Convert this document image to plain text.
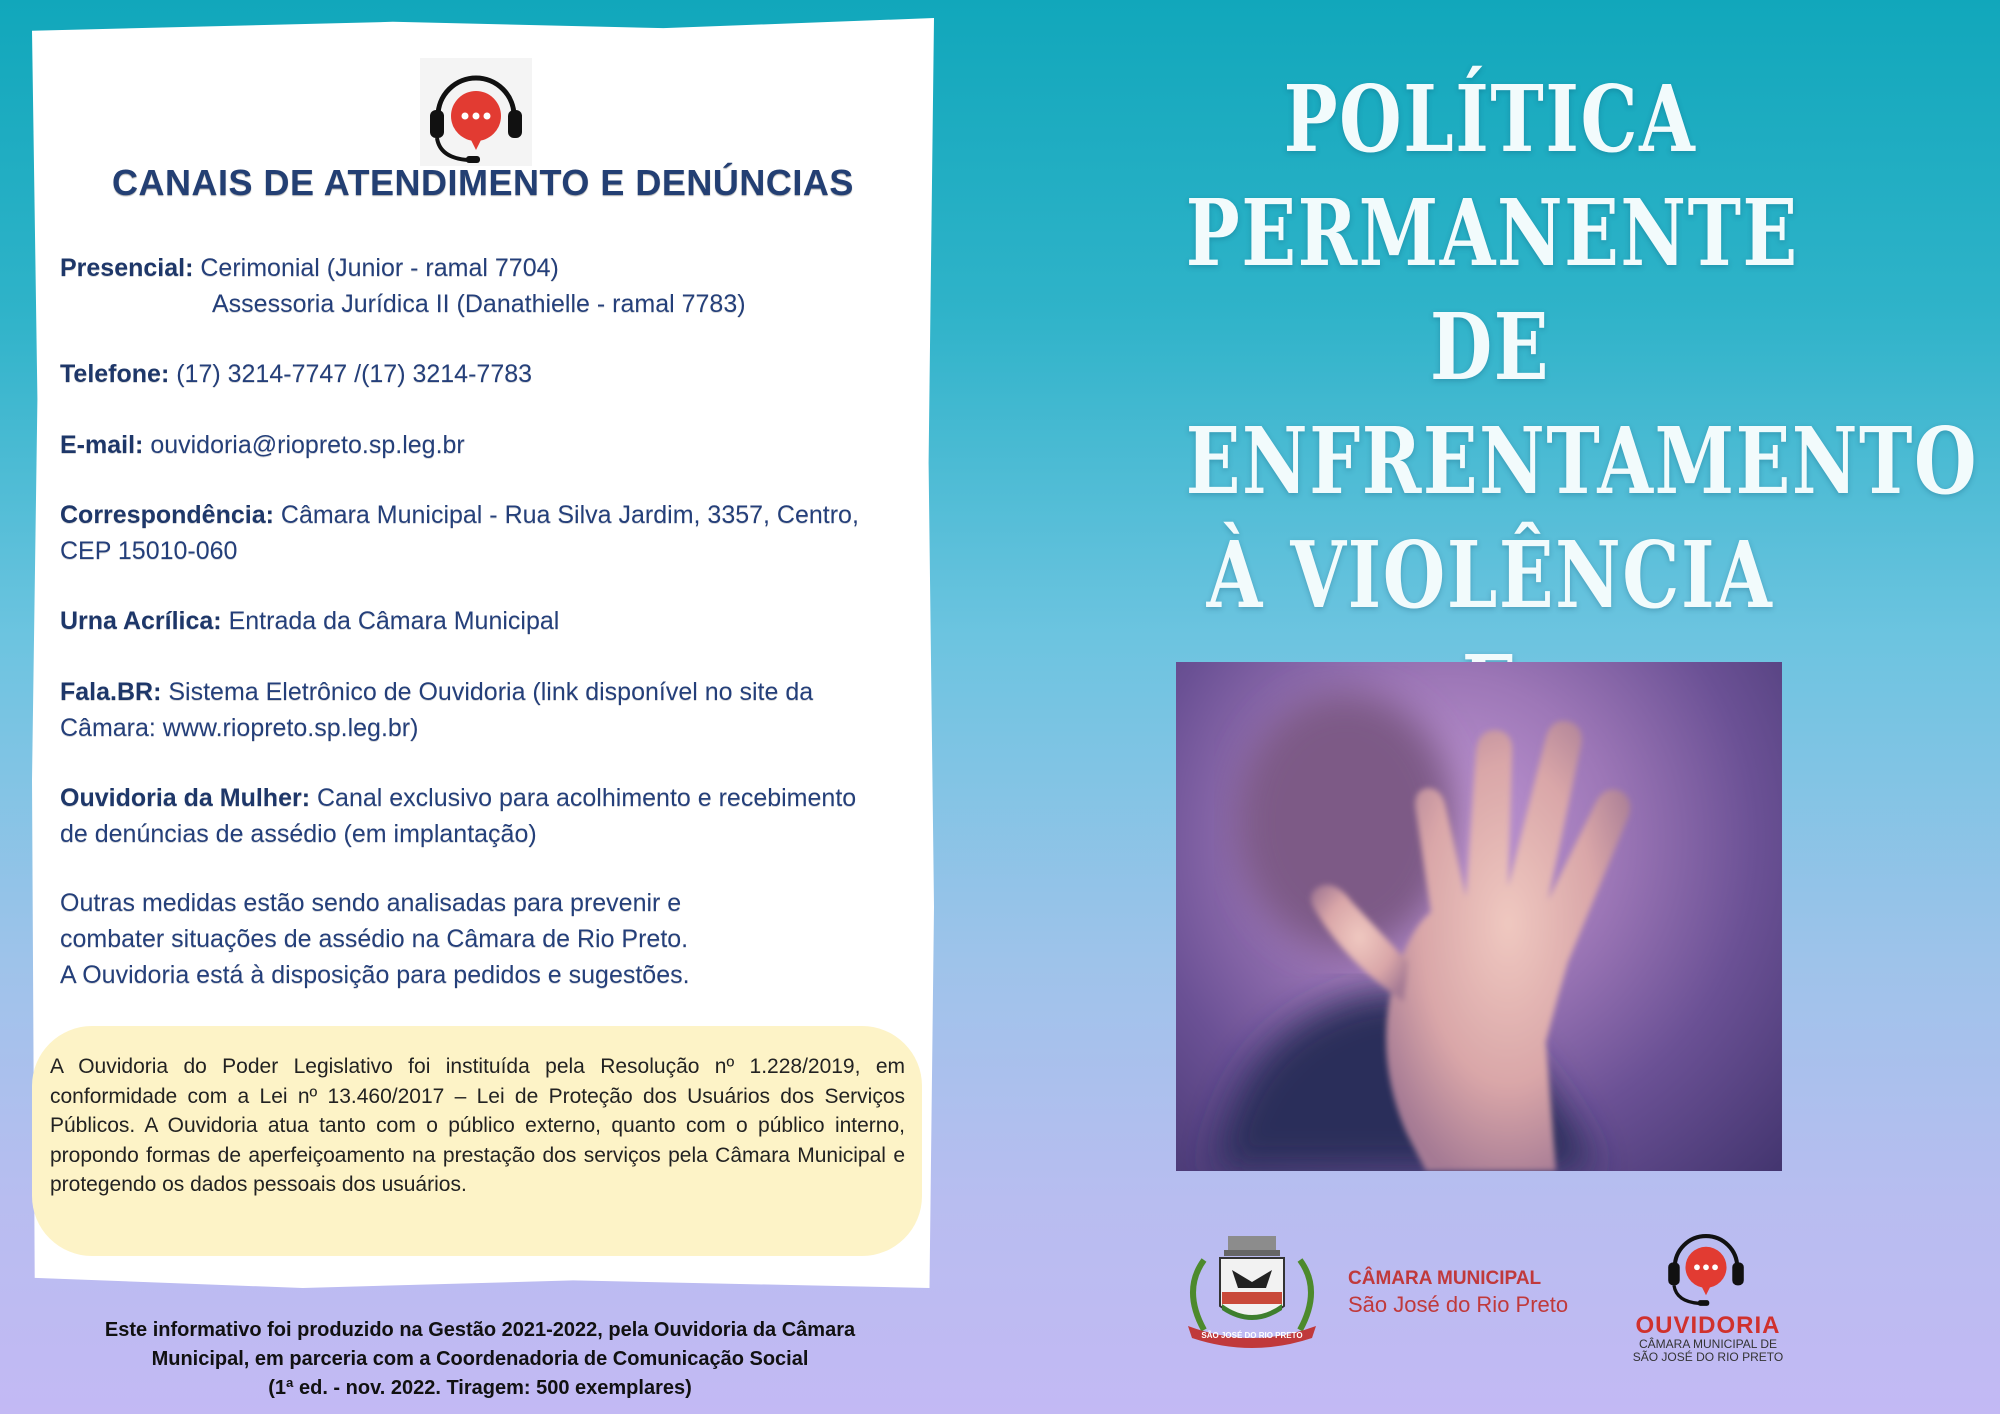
CANAIS DE ATENDIMENTO E DENÚNCIAS
Presencial: Cerimonial (Junior - ramal 7704)
Assessoria Jurídica II (Danathielle - ramal 7783)
Telefone: (17) 3214-7747 /(17) 3214-7783
E-mail: ouvidoria@riopreto.sp.leg.br
Correspondência: Câmara Municipal - Rua Silva Jardim, 3357, Centro, CEP 15010-060
Urna Acrílica: Entrada da Câmara Municipal
Fala.BR: Sistema Eletrônico de Ouvidoria (link disponível no site da Câmara: www.riopreto.sp.leg.br)
Ouvidoria da Mulher: Canal exclusivo para acolhimento e recebimento de denúncias de assédio (em implantação)
Outras medidas estão sendo analisadas para prevenir e
combater situações de assédio na Câmara de Rio Preto.
A Ouvidoria está à disposição para pedidos e sugestões.
A Ouvidoria do Poder Legislativo foi instituída pela Resolução nº 1.228/2019, em conformidade com a Lei nº 13.460/2017 – Lei de Proteção dos Usuários dos Serviços Públicos. A Ouvidoria atua tanto com o público externo, quanto com o público interno, propondo formas de aperfeiçoamento na prestação dos serviços pela Câmara Municipal e protegendo os dados pessoais dos usuários.
Este informativo foi produzido na Gestão 2021-2022, pela Ouvidoria da Câmara
Municipal, em parceria com a Coordenadoria de Comunicação Social
(1ª ed. - nov. 2022. Tiragem: 500 exemplares)
POLÍTICA
PERMANENTE DE
ENFRENTAMENTO
À VIOLÊNCIA
SÃO JOSÉ DO RIO PRETO
CÂMARA MUNICIPAL
São José do Rio Preto
OUVIDORIA
CÂMARA MUNICIPAL DE
SÃO JOSÉ DO RIO PRETO
